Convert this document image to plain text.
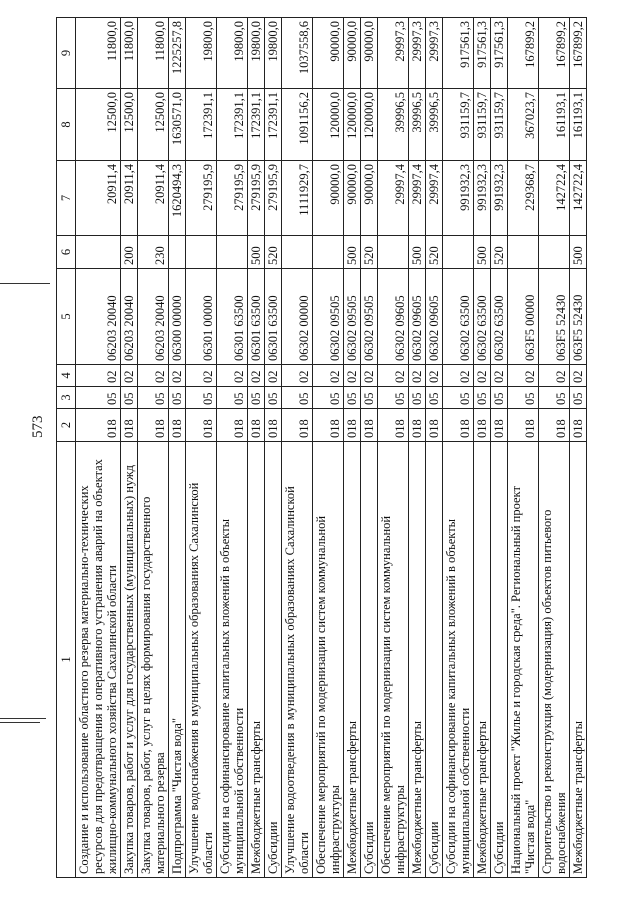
573
1	2	3	4	5	6	7	8	9
Создание и использование областного резерва материально-технических ресурсов для предотвращения и оперативного устранения аварий на объектах жилищно-коммунального хозяйства Сахалинской области	018	05	02	06203 20040		20911,4	12500,0	11800,0
Закупка товаров, работ и услуг для государственных (муниципальных) нужд	018	05	02	06203 20040	200	20911,4	12500,0	11800,0
Закупка товаров, работ, услуг в целях формирования государственного материального резерва	018	05	02	06203 20040	230	20911,4	12500,0	11800,0
Подпрограмма "Чистая вода"	018	05	02	06300 00000		1620494,3	1630571,0	1225257,8
Улучшение водоснабжения в муниципальных образованиях Сахалинской области	018	05	02	06301 00000		279195,9	172391,1	19800,0
Субсидии на софинансирование капитальных вложений в объекты муниципальной собственности	018	05	02	06301 63500		279195,9	172391,1	19800,0
Межбюджетные трансферты	018	05	02	06301 63500	500	279195,9	172391,1	19800,0
Субсидии	018	05	02	06301 63500	520	279195,9	172391,1	19800,0
Улучшение водоотведения в муниципальных образованиях Сахалинской области	018	05	02	06302 00000		1111929,7	1091156,2	1037558,6
Обеспечение мероприятий по модернизации систем коммунальной инфраструктуры	018	05	02	06302 09505		90000,0	120000,0	90000,0
Межбюджетные трансферты	018	05	02	06302 09505	500	90000,0	120000,0	90000,0
Субсидии	018	05	02	06302 09505	520	90000,0	120000,0	90000,0
Обеспечение мероприятий по модернизации систем коммунальной инфраструктуры	018	05	02	06302 09605		29997,4	39996,5	29997,3
Межбюджетные трансферты	018	05	02	06302 09605	500	29997,4	39996,5	29997,3
Субсидии	018	05	02	06302 09605	520	29997,4	39996,5	29997,3
Субсидии на софинансирование капитальных вложений в объекты муниципальной собственности	018	05	02	06302 63500		991932,3	931159,7	917561,3
Межбюджетные трансферты	018	05	02	06302 63500	500	991932,3	931159,7	917561,3
Субсидии	018	05	02	06302 63500	520	991932,3	931159,7	917561,3
Национальный проект "Жилье и городская среда". Региональный проект "Чистая вода"	018	05	02	063F5 00000		229368,7	367023,7	167899,2
Строительство и реконструкция (модернизация) объектов питьевого водоснабжения	018	05	02	063F5 52430		142722,4	161193,1	167899,2
Межбюджетные трансферты	018	05	02	063F5 52430	500	142722,4	161193,1	167899,2
